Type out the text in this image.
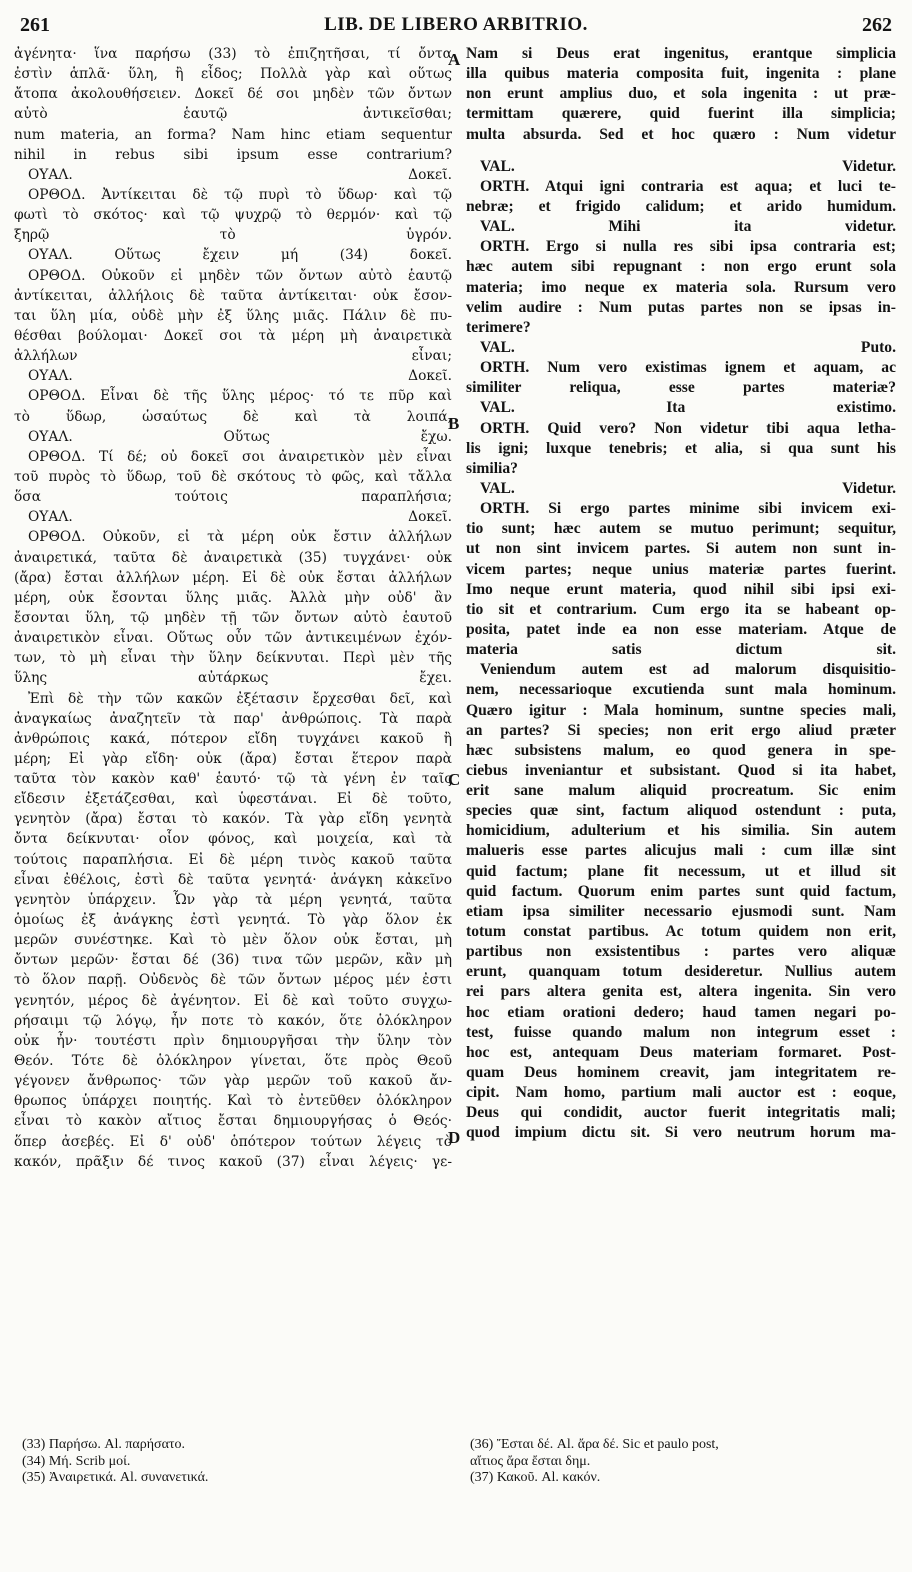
261	LIB. DE LIBERO ARBITRIO.	262
ἀγένητα· ἵνα παρήσω (33) τὸ ἐπιζητῆσαι, τί ὄντα
ἐστὶν ἁπλᾶ· ὕλη, ἢ εἶδος; Πολλὰ γὰρ καὶ οὕτως
ἄτοπα ἀκολουθήσειεν. Δοκεῖ δέ σοι μηδὲν τῶν ὄντων
αὐτὸ ἑαυτῷ ἀντικεῖσθαι;
num materia, an forma? Nam hinc etiam sequentur
nihil in rebus sibi ipsum esse contrarium?
ΟΥΑΛ. Δοκεῖ.
ΟΡΘΟΔ. Ἀντίκειται δὲ τῷ πυρὶ τὸ ὕδωρ· καὶ τῷ
φωτὶ τὸ σκότος· καὶ τῷ ψυχρῷ τὸ θερμόν· καὶ τῷ
ξηρῷ τὸ ὑγρόν.
ΟΥΑΛ. Οὕτως ἔχειν μή (34) δοκεῖ.
ΟΡΘΟΔ. Οὐκοῦν εἰ μηδὲν τῶν ὄντων αὐτὸ ἑαυτῷ
ἀντίκειται, ἀλλήλοις δὲ ταῦτα ἀντίκειται· οὐκ ἔσον-
ται ὕλη μία, οὐδὲ μὴν ἐξ ὕλης μιᾶς. Πάλιν δὲ πυ-
θέσθαι βούλομαι· Δοκεῖ σοι τὰ μέρη μὴ ἀναιρετικὰ
ἀλλήλων εἶναι;
ΟΥΑΛ. Δοκεῖ.
ΟΡΘΟΔ. Εἶναι δὲ τῆς ὕλης μέρος· τό τε πῦρ καὶ
τὸ ὕδωρ, ὡσαύτως δὲ καὶ τὰ λοιπά,
ΟΥΑΛ. Οὕτως ἔχω.
ΟΡΘΟΔ. Τί δέ; οὐ δοκεῖ σοι ἀναιρετικὸν μὲν εἶναι
τοῦ πυρὸς τὸ ὕδωρ, τοῦ δὲ σκότους τὸ φῶς, καὶ τἄλλα
ὅσα τούτοις παραπλήσια;
ΟΥΑΛ. Δοκεῖ.
ΟΡΘΟΔ. Οὐκοῦν, εἰ τὰ μέρη οὐκ ἔστιν ἀλλήλων
ἀναιρετικά, ταῦτα δὲ ἀναιρετικὰ (35) τυγχάνει· οὐκ
(ἄρα) ἔσται ἀλλήλων μέρη. Εἰ δὲ οὐκ ἔσται ἀλλήλων
μέρη, οὐκ ἔσονται ὕλης μιᾶς. Ἀλλὰ μὴν οὐδ' ἂν
ἔσονται ὕλη, τῷ μηδὲν τῇ τῶν ὄντων αὐτὸ ἑαυτοῦ
ἀναιρετικὸν εἶναι. Οὕτως οὖν τῶν ἀντικειμένων ἐχόν-
των, τὸ μὴ εἶναι τὴν ὕλην δείκνυται. Περὶ μὲν τῆς
ὕλης αὐτάρκως ἔχει.
Ἐπὶ δὲ τὴν τῶν κακῶν ἐξέτασιν ἔρχεσθαι δεῖ, καὶ
ἀναγκαίως ἀναζητεῖν τὰ παρ' ἀνθρώποις. Τὰ παρὰ
ἀνθρώποις κακά, πότερον εἴδη τυγχάνει κακοῦ ἢ
μέρη; Εἰ γὰρ εἴδη· οὐκ (ἄρα) ἔσται ἕτερον παρὰ
ταῦτα τὸν κακὸν καθ' ἑαυτό· τῷ τὰ γένη ἐν ταῖς
εἴδεσιν ἐξετάζεσθαι, καὶ ὑφεστάναι. Εἰ δὲ τοῦτο,
γενητὸν (ἄρα) ἔσται τὸ κακόν. Τὰ γὰρ εἴδη γενητὰ
ὄντα δείκνυται· οἷον φόνος, καὶ μοιχεία, καὶ τὰ
τούτοις παραπλήσια. Εἰ δὲ μέρη τινὸς κακοῦ ταῦτα
εἶναι ἐθέλοις, ἐστὶ δὲ ταῦτα γενητά· ἀνάγκη κἀκεῖνο
γενητὸν ὑπάρχειν. Ὧν γὰρ τὰ μέρη γενητά, ταῦτα
ὁμοίως ἐξ ἀνάγκης ἐστὶ γενητά. Τὸ γὰρ ὅλον ἐκ
μερῶν συνέστηκε. Καὶ τὸ μὲν ὅλον οὐκ ἔσται, μὴ
ὄντων μερῶν· ἔσται δέ (36) τινα τῶν μερῶν, κἂν μὴ
τὸ ὅλον παρῇ. Οὐδενὸς δὲ τῶν ὄντων μέρος μέν ἐστι
γενητόν, μέρος δὲ ἀγένητον. Εἰ δὲ καὶ τοῦτο συγχω-
ρήσαιμι τῷ λόγῳ, ἦν ποτε τὸ κακόν, ὅτε ὁλόκληρον
οὐκ ἦν· τουτέστι πρὶν δημιουργῆσαι τὴν ὕλην τὸν
Θεόν. Τότε δὲ ὁλόκληρον γίνεται, ὅτε πρὸς Θεοῦ
γέγονεν ἄνθρωπος· τῶν γὰρ μερῶν τοῦ κακοῦ ἄν-
θρωπος ὑπάρχει ποιητής. Καὶ τὸ ἐντεῦθεν ὁλόκληρον
εἶναι τὸ κακὸν αἴτιος ἔσται δημιουργήσας ὁ Θεός·
ὅπερ ἀσεβές. Εἰ δ' οὐδ' ὁπότερον τούτων λέγεις τὸ
κακόν, πρᾶξιν δέ τινος κακοῦ (37) εἶναι λέγεις· γε-
Nam si Deus erat ingenitus, erantque simplicia
illa quibus materia composita fuit, ingenita : plane
non erunt amplius duo, et sola ingenita : ut præ-
termittam quærere, quid fuerint illa simplicia;
multa absurda. Sed et hoc quæro : Num videtur
VAL. Videtur.
ORTH. Atqui igni contraria est aqua; et luci te-
nebræ; et frigido calidum; et arido humidum.
VAL. Mihi ita videtur.
ORTH. Ergo si nulla res sibi ipsa contraria est;
hæc autem sibi repugnant : non ergo erunt sola
materia; imo neque ex materia sola. Rursum vero
velim audire : Num putas partes non se ipsas in-
terimere?
VAL. Puto.
ORTH. Num vero existimas ignem et aquam, ac
similiter reliqua, esse partes materiæ?
VAL. Ita existimo.
ORTH. Quid vero? Non videtur tibi aqua letha-
lis igni; luxque tenebris; et alia, si qua sunt his
similia?
VAL. Videtur.
ORTH. Si ergo partes minime sibi invicem exi-
tio sunt; hæc autem se mutuo perimunt; sequitur,
ut non sint invicem partes. Si autem non sunt in-
vicem partes; neque unius materiæ partes fuerint.
Imo neque erunt materia, quod nihil sibi ipsi exi-
tio sit et contrarium. Cum ergo ita se habeant op-
posita, patet inde ea non esse materiam. Atque de
materia satis dictum sit.
Veniendum autem est ad malorum disquisitio-
nem, necessarioque excutienda sunt mala hominum.
Quæro igitur : Mala hominum, suntne species mali,
an partes? Si species; non erit ergo aliud præter
hæc subsistens malum, eo quod genera in spe-
ciebus inveniantur et subsistant. Quod si ita habet,
erit sane malum aliquid procreatum. Sic enim
species quæ sint, factum aliquod ostendunt : puta,
homicidium, adulterium et his similia. Sin autem
malueris esse partes alicujus mali : cum illæ sint
quid factum; plane fit necessum, ut et illud sit
quid factum. Quorum enim partes sunt quid factum,
etiam ipsa similiter necessario ejusmodi sunt. Nam
totum constat partibus. Ac totum quidem non erit,
partibus non exsistentibus : partes vero aliquæ
erunt, quanquam totum desideretur. Nullius autem
rei pars altera genita est, altera ingenita. Sin vero
hoc etiam orationi dedero; haud tamen negari po-
test, fuisse quando malum non integrum esset :
hoc est, antequam Deus materiam formaret. Post-
quam Deus hominem creavit, jam integritatem re-
cipit. Nam homo, partium mali auctor est : eoque,
Deus qui condidit, auctor fuerit integritatis mali;
quod impium dictu sit. Si vero neutrum horum ma-
A
B
C
D
(33) Παρήσω. Al. παρήσατο.
(34) Μή. Scrib μοί.
(35) Ἀναιρετικά. Al. συνανετικά.
(36) Ἔσται δέ. Al. ἄρα δέ. Sic et paulo post,
αἴτιος ἄρα ἔσται δημ.
(37) Κακοῦ. Al. κακόν.
